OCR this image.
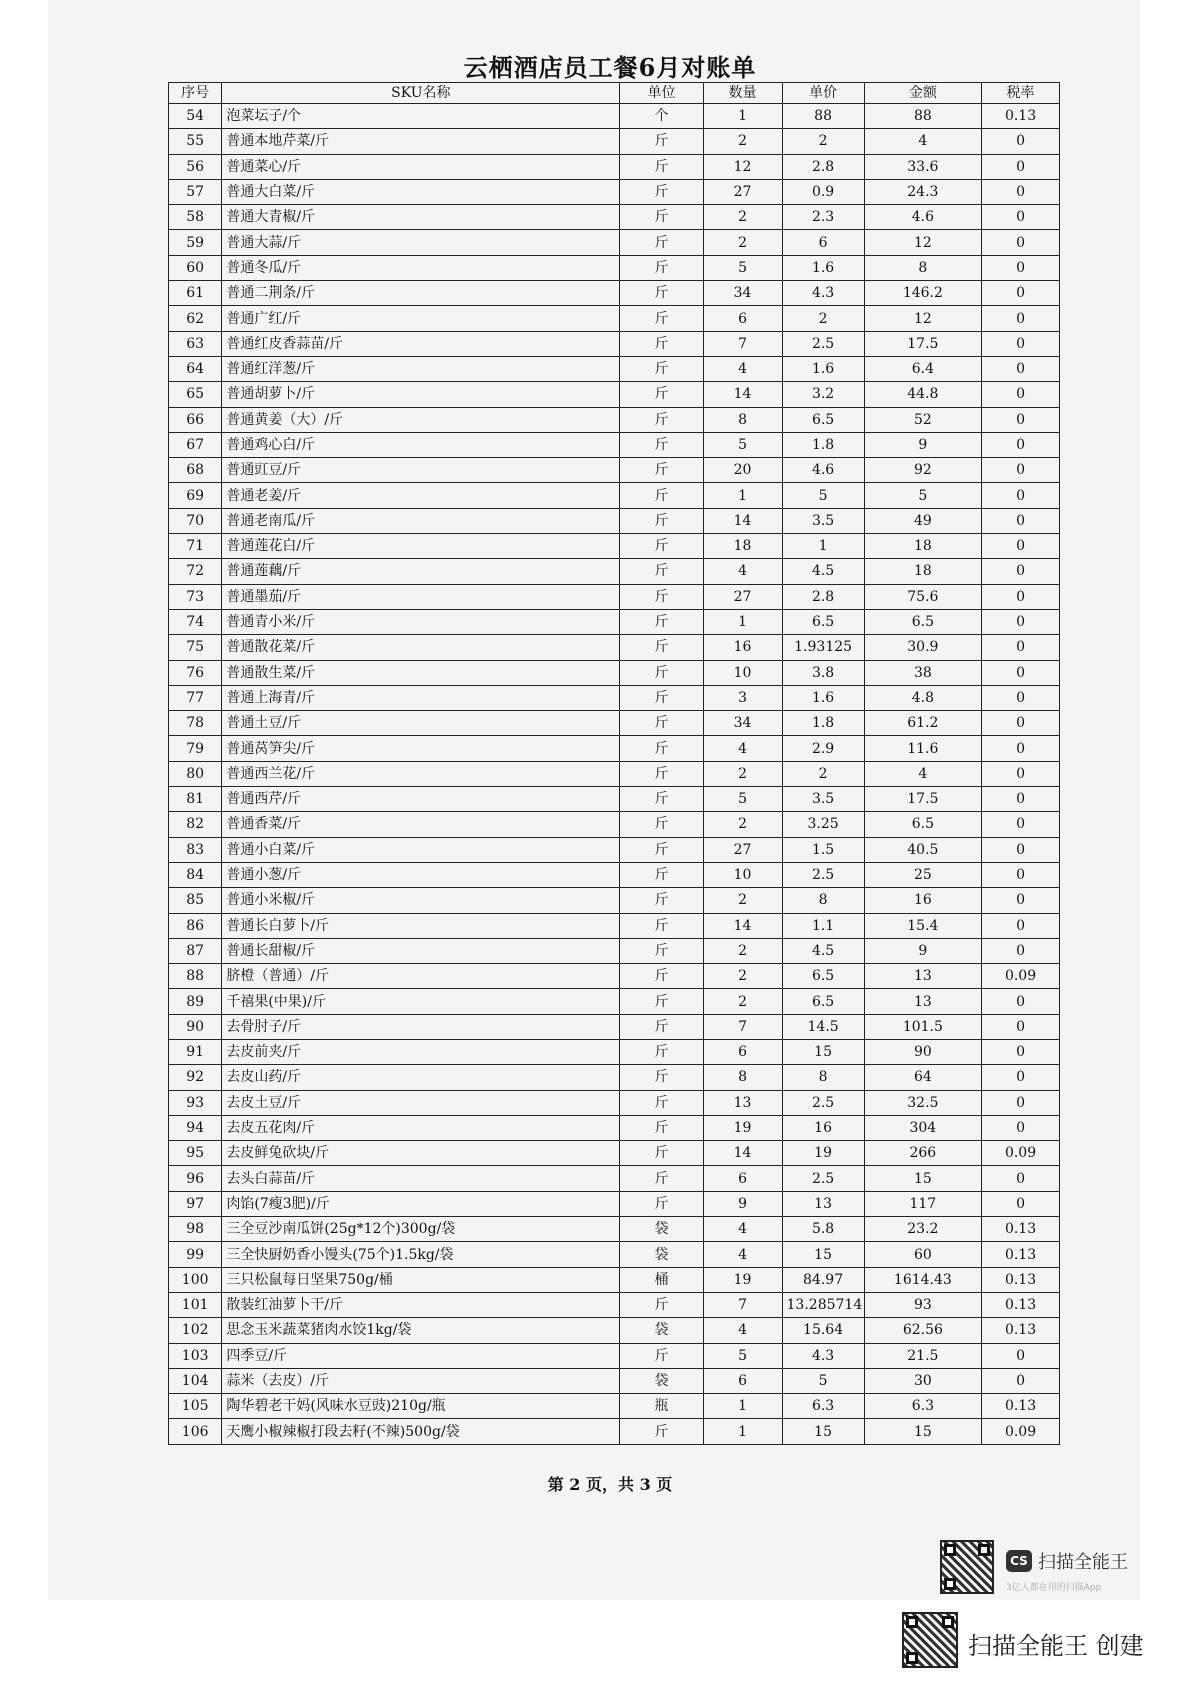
云栖酒店员工餐6月对账单
序号	SKU名称	单位	数量	单价	金额	税率
54	泡菜坛子/个	个	1	88	88	0.13
55	普通本地芹菜/斤	斤	2	2	4	0
56	普通菜心/斤	斤	12	2.8	33.6	0
57	普通大白菜/斤	斤	27	0.9	24.3	0
58	普通大青椒/斤	斤	2	2.3	4.6	0
59	普通大蒜/斤	斤	2	6	12	0
60	普通冬瓜/斤	斤	5	1.6	8	0
61	普通二荆条/斤	斤	34	4.3	146.2	0
62	普通广红/斤	斤	6	2	12	0
63	普通红皮香蒜苗/斤	斤	7	2.5	17.5	0
64	普通红洋葱/斤	斤	4	1.6	6.4	0
65	普通胡萝卜/斤	斤	14	3.2	44.8	0
66	普通黄姜（大）/斤	斤	8	6.5	52	0
67	普通鸡心白/斤	斤	5	1.8	9	0
68	普通豇豆/斤	斤	20	4.6	92	0
69	普通老姜/斤	斤	1	5	5	0
70	普通老南瓜/斤	斤	14	3.5	49	0
71	普通莲花白/斤	斤	18	1	18	0
72	普通莲藕/斤	斤	4	4.5	18	0
73	普通墨茄/斤	斤	27	2.8	75.6	0
74	普通青小米/斤	斤	1	6.5	6.5	0
75	普通散花菜/斤	斤	16	1.93125	30.9	0
76	普通散生菜/斤	斤	10	3.8	38	0
77	普通上海青/斤	斤	3	1.6	4.8	0
78	普通土豆/斤	斤	34	1.8	61.2	0
79	普通莴笋尖/斤	斤	4	2.9	11.6	0
80	普通西兰花/斤	斤	2	2	4	0
81	普通西芹/斤	斤	5	3.5	17.5	0
82	普通香菜/斤	斤	2	3.25	6.5	0
83	普通小白菜/斤	斤	27	1.5	40.5	0
84	普通小葱/斤	斤	10	2.5	25	0
85	普通小米椒/斤	斤	2	8	16	0
86	普通长白萝卜/斤	斤	14	1.1	15.4	0
87	普通长甜椒/斤	斤	2	4.5	9	0
88	脐橙（普通）/斤	斤	2	6.5	13	0.09
89	千禧果(中果)/斤	斤	2	6.5	13	0
90	去骨肘子/斤	斤	7	14.5	101.5	0
91	去皮前夹/斤	斤	6	15	90	0
92	去皮山药/斤	斤	8	8	64	0
93	去皮土豆/斤	斤	13	2.5	32.5	0
94	去皮五花肉/斤	斤	19	16	304	0
95	去皮鲜兔砍块/斤	斤	14	19	266	0.09
96	去头白蒜苗/斤	斤	6	2.5	15	0
97	肉馅(7瘦3肥)/斤	斤	9	13	117	0
98	三全豆沙南瓜饼(25g*12个)300g/袋	袋	4	5.8	23.2	0.13
99	三全快厨奶香小馒头(75个)1.5kg/袋	袋	4	15	60	0.13
100	三只松鼠每日坚果750g/桶	桶	19	84.97	1614.43	0.13
101	散装红油萝卜干/斤	斤	7	13.285714	93	0.13
102	思念玉米蔬菜猪肉水饺1kg/袋	袋	4	15.64	62.56	0.13
103	四季豆/斤	斤	5	4.3	21.5	0
104	蒜米（去皮）/斤	袋	6	5	30	0
105	陶华碧老干妈(风味水豆豉)210g/瓶	瓶	1	6.3	6.3	0.13
106	天鹰小椒辣椒打段去籽(不辣)500g/袋	斤	1	15	15	0.09
第 2 页，共 3 页
CS 扫描全能王
3亿人都在用的扫描App
扫描全能王 创建
